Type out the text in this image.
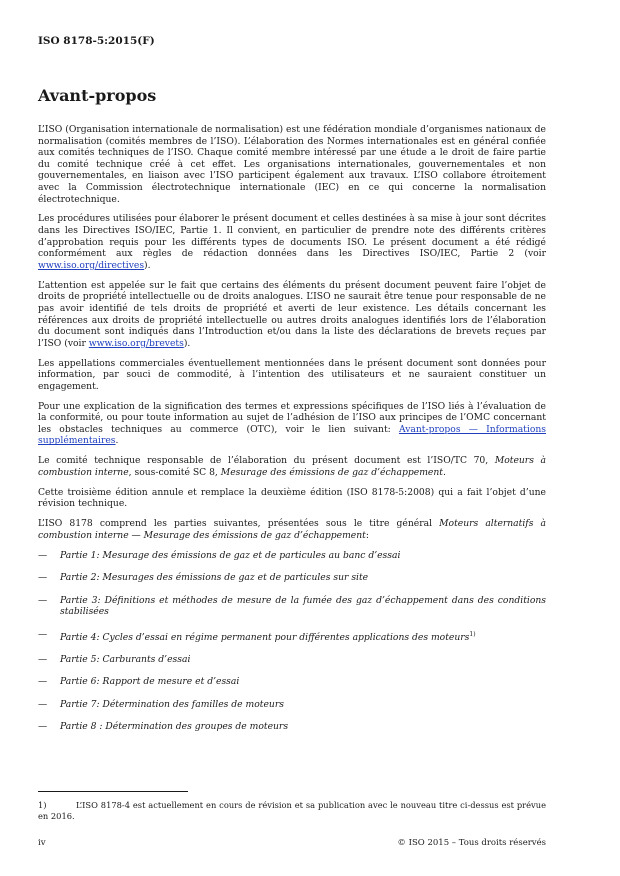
ISO 8178-5:2015(F)
Avant-propos

L’ISO (Organisation internationale de normalisation) est une fédération mondiale d’organismes nationaux de normalisation (comités membres de l’ISO). L’élaboration des Normes internationales est en général confiée aux comités techniques de l’ISO. Chaque comité membre intéressé par une étude a le droit de faire partie du comité technique créé à cet effet. Les organisations internationales, gouvernementales et non gouvernementales, en liaison avec l’ISO participent également aux travaux. L’ISO collabore étroitement avec la Commission électrotechnique internationale (IEC) en ce qui concerne la normalisation électrotechnique.

Les procédures utilisées pour élaborer le présent document et celles destinées à sa mise à jour sont décrites dans les Directives ISO/IEC, Partie 1. Il convient, en particulier de prendre note des différents critères d’approbation requis pour les différents types de documents ISO. Le présent document a été rédigé conformément aux règles de rédaction données dans les Directives ISO/IEC, Partie 2 (voir www.iso.org/directives).

L’attention est appelée sur le fait que certains des éléments du présent document peuvent faire l’objet de droits de propriété intellectuelle ou de droits analogues. L’ISO ne saurait être tenue pour responsable de ne pas avoir identifié de tels droits de propriété et averti de leur existence. Les détails concernant les références aux droits de propriété intellectuelle ou autres droits analogues identifiés lors de l’élaboration du document sont indiqués dans l’Introduction et/ou dans la liste des déclarations de brevets reçues par l’ISO (voir www.iso.org/brevets).

Les appellations commerciales éventuellement mentionnées dans le présent document sont données pour information, par souci de commodité, à l’intention des utilisateurs et ne sauraient constituer un engagement.

Pour une explication de la signification des termes et expressions spécifiques de l’ISO liés à l’évaluation de la conformité, ou pour toute information au sujet de l’adhésion de l’ISO aux principes de l’OMC concernant les obstacles techniques au commerce (OTC), voir le lien suivant: Avant-propos — Informations supplémentaires.

Le comité technique responsable de l’élaboration du présent document est l’ISO/TC 70, Moteurs à combustion interne, sous-comité SC 8, Mesurage des émissions de gaz d’échappement.

Cette troisième édition annule et remplace la deuxième édition (ISO 8178-5:2008) qui a fait l’objet d’une révision technique.

L’ISO 8178 comprend les parties suivantes, présentées sous le titre général Moteurs alternatifs à combustion interne — Mesurage des émissions de gaz d’échappement:

—	Partie 1: Mesurage des émissions de gaz et de particules au banc d’essai
—	Partie 2: Mesurages des émissions de gaz et de particules sur site
—	Partie 3: Définitions et méthodes de mesure de la fumée des gaz d’échappement dans des conditions stabilisées
—	Partie 4: Cycles d’essai en régime permanent pour différentes applications des moteurs$^{1)}$
—	Partie 5: Carburants d’essai
—	Partie 6: Rapport de mesure et d’essai
—	Partie 7: Détermination des familles de moteurs
—	Partie 8 : Détermination des groupes de moteurs
1)	L’ISO 8178-4 est actuellement en cours de révision et sa publication avec le nouveau titre ci-dessus est prévue en 2016.
iv	© ISO 2015 – Tous droits réservés
